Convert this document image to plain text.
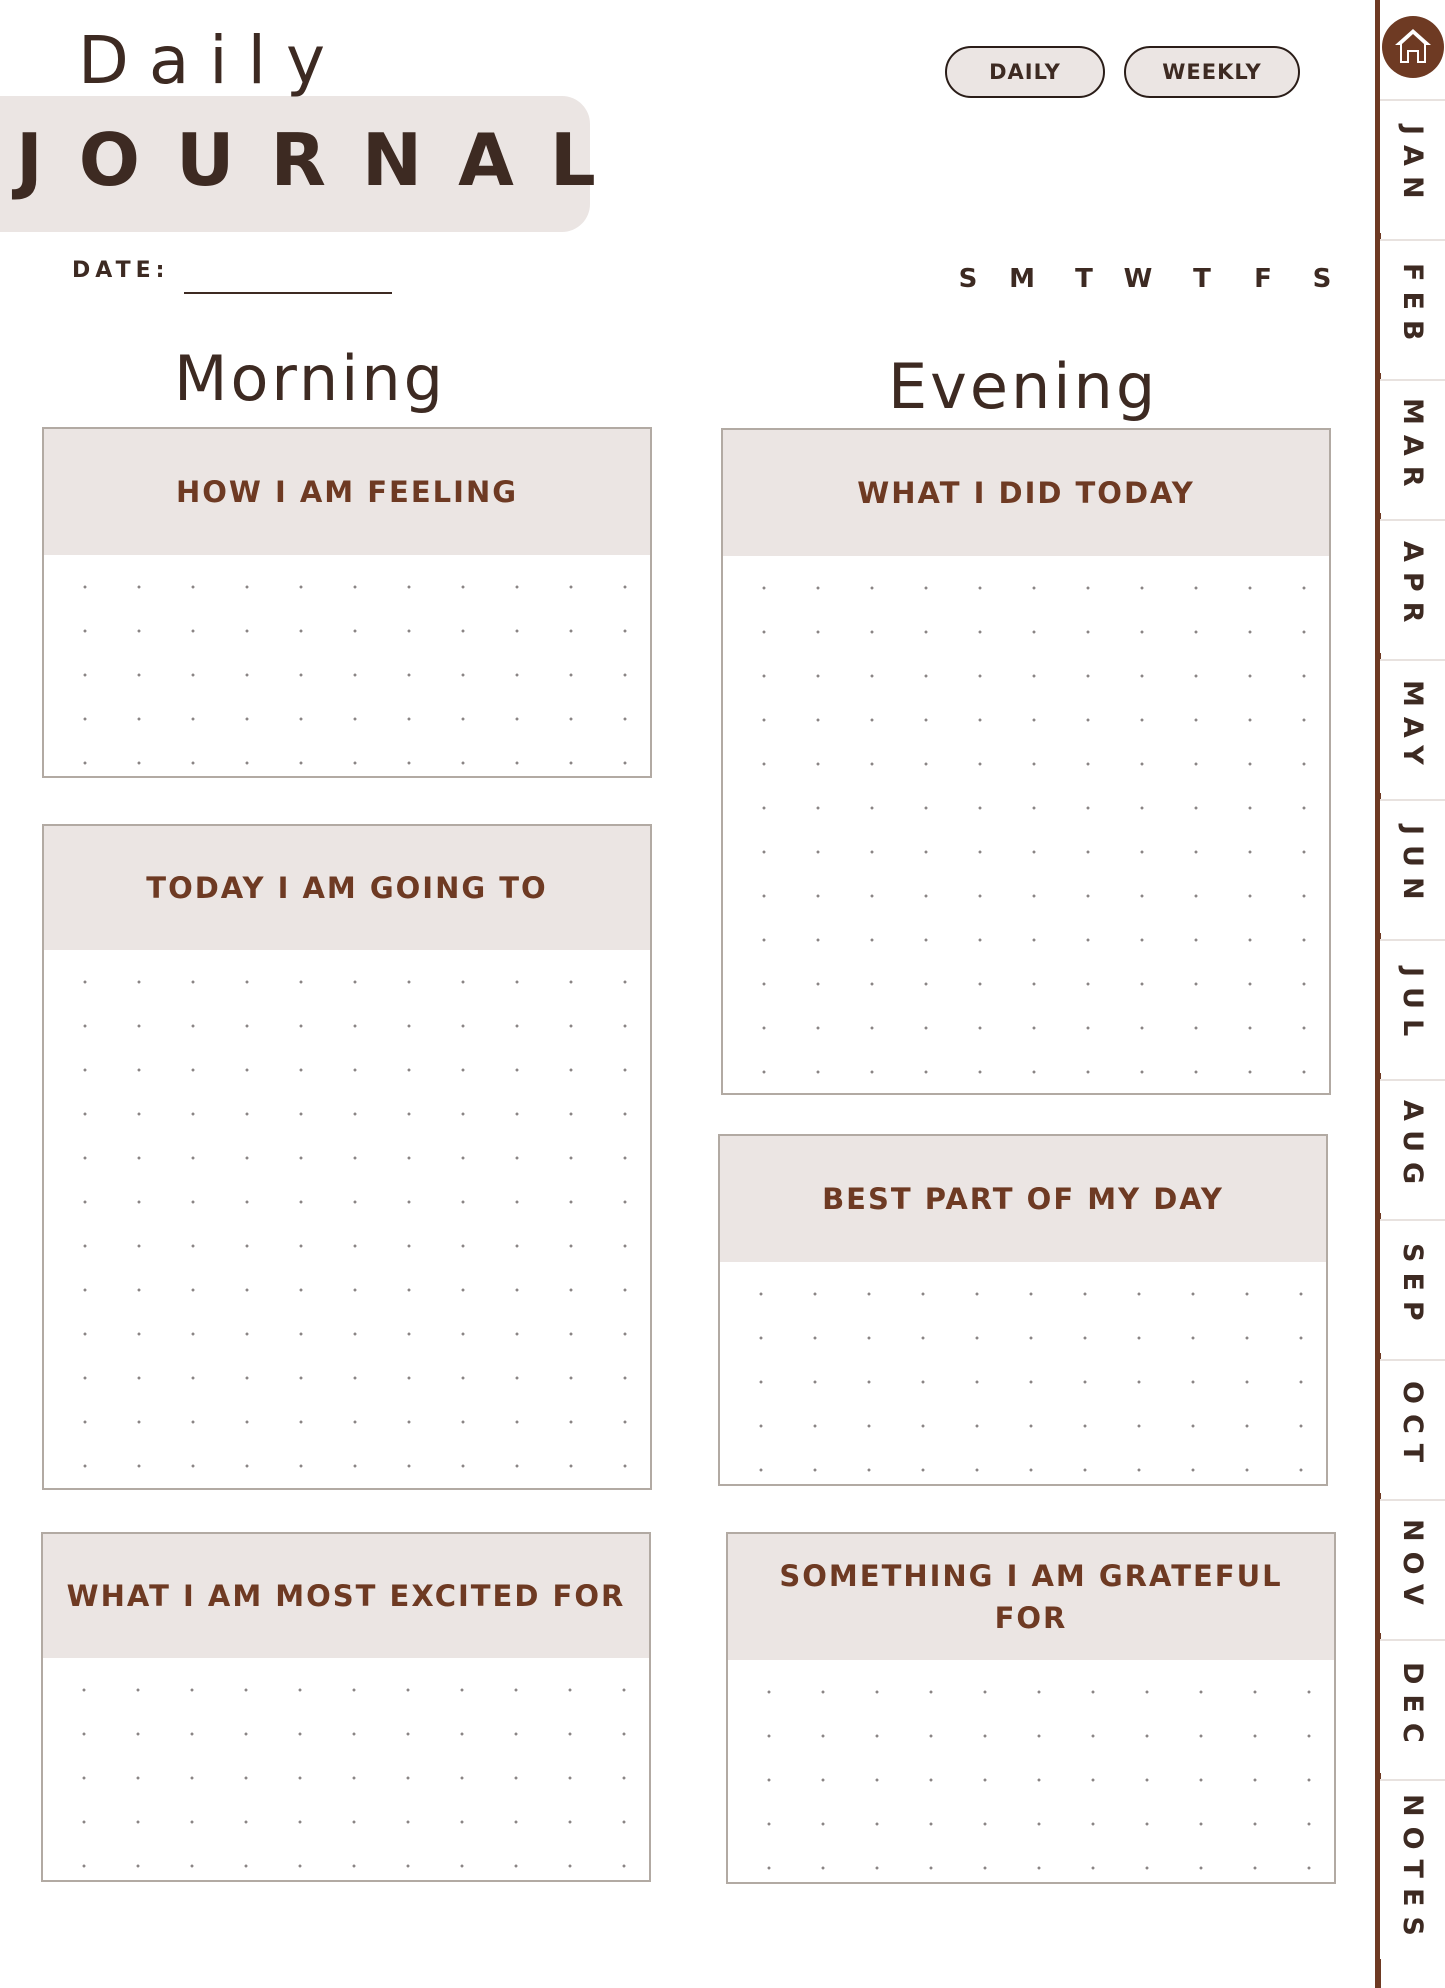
Daily
JOURNAL
DATE:
DAILY	WEEKLY
S M T W T F S
Morning	Evening
HOW I AM FEELING
TODAY I AM GOING TO
WHAT I AM MOST EXCITED FOR
WHAT I DID TODAY
BEST PART OF MY DAY
SOMETHING I AM GRATEFUL FOR
JAN
FEB
MAR
APR
MAY
JUN
JUL
AUG
SEP
OCT
NOV
DEC
NOTES
